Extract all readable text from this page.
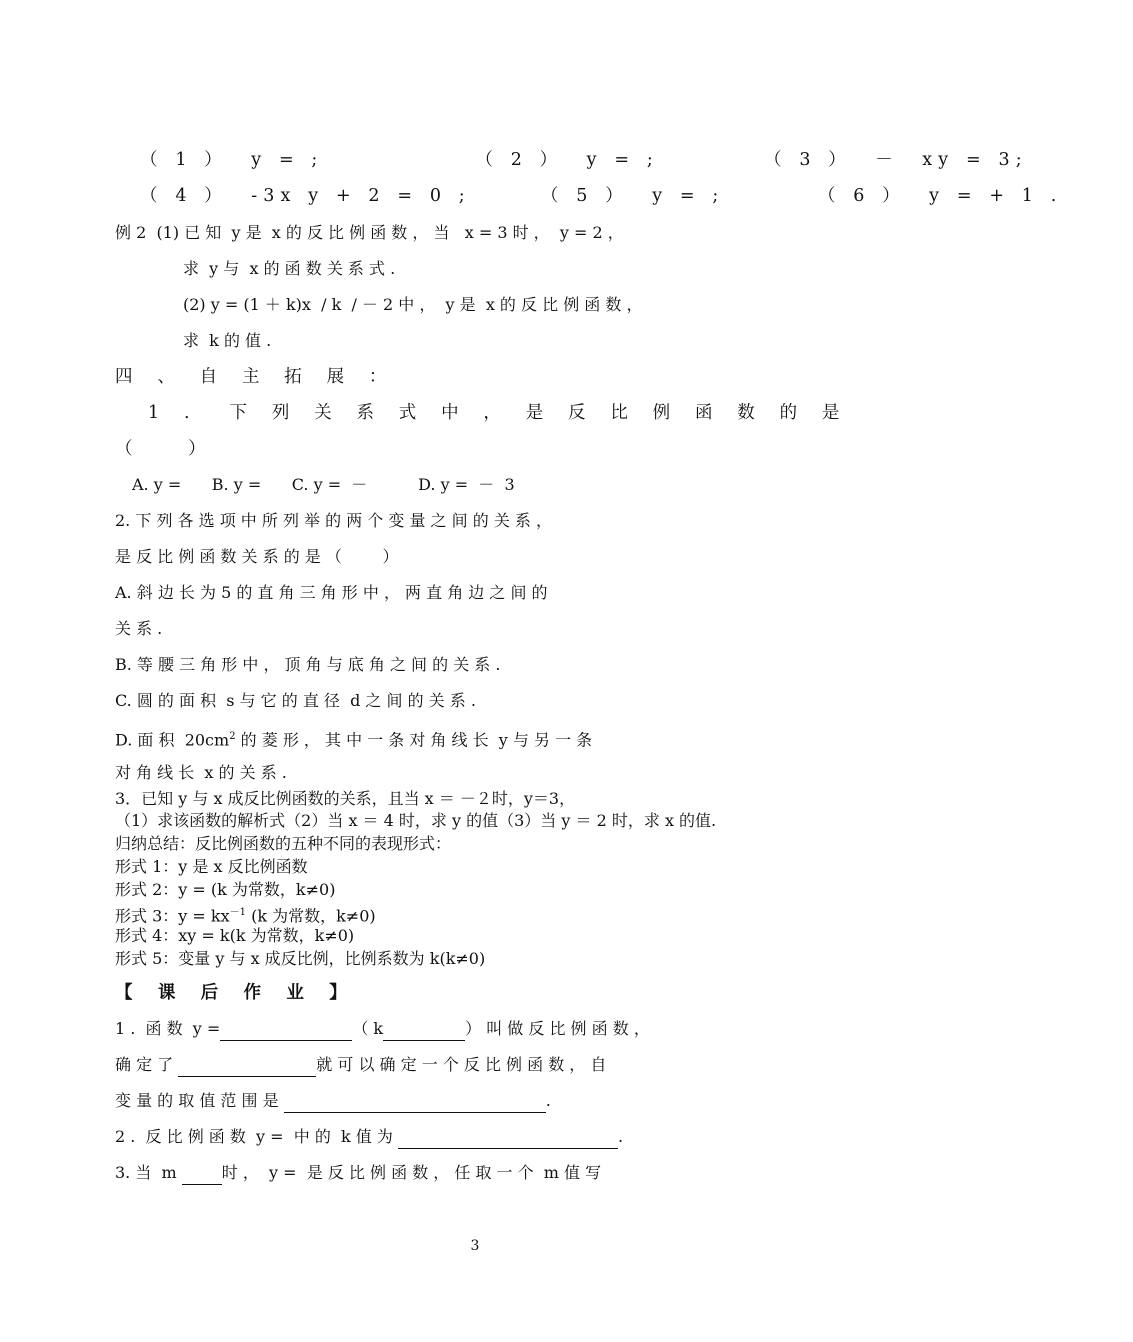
（ 1 ）  y = ;             （ 2 ）  y = ;         （ 3 ）  －  xy = 3;
（ 4 ）  -3x y + 2 = 0 ;      （ 5 ）  y = ;        （ 6 ）  y = + 1 .
例 2  (1) 已 知  y 是  x 的 反 比 例 函 数 ， 当   x = 3 时 ，  y = 2 ，
求  y 与  x 的 函 数 关 系 式 .
(2) y = (1 ＋ k)x  / k  / － 2 中 ，  y 是  x 的 反 比 例 函 数 ，
求  k 的 值 .
四 、 自 主 拓 展 ：
1 .  下 列 关 系 式 中 ， 是 反 比 例 函 数 的 是
（          ）
A. y =      B. y =      C. y =  －          D. y =  －  3
2. 下 列 各 选 项 中 所 列 举 的 两 个 变 量 之 间 的 关 系 ，
是 反 比 例 函 数 关 系 的 是 （        ）
A. 斜 边 长 为 5 的 直 角 三 角 形 中 ， 两 直 角 边 之 间 的
关 系 .
B. 等 腰 三 角 形 中 ， 顶 角 与 底 角 之 间 的 关 系 .
C. 圆 的 面 积  s 与 它 的 直 径  d 之 间 的 关 系 .
D. 面 积  $20cm^2$ 的 菱 形 ， 其 中 一 条 对 角 线 长  y 与 另 一 条
对 角 线 长  x 的 关 系 .
3．已知 y 与 x 成反比例函数的关系，且当 x ＝ －２时，y＝3，
（1）求该函数的解析式（2）当 x ＝ 4 时，求 y 的值（3）当 y ＝ 2 时，求 x 的值.
归纳总结：反比例函数的五种不同的表现形式：
形式 1：y 是 x 反比例函数
形式 2：y = (k 为常数，k≠0)
形式 3：$y = kx^{-1}$ (k 为常数，k≠0)
形式 4：xy = k(k 为常数，k≠0)
形式 5：变量 y 与 x 成反比例，比例系数为 k(k≠0)
【 课 后 作 业 】
1 .  函 数  y =	（ k	） 叫 做 反 比 例 函 数 ，
确 定 了	就 可 以 确 定 一 个 反 比 例 函 数 ， 自
变 量 的 取 值 范 围 是	.
2 .  反 比 例 函 数  y =  中 的  k 值 为	.
3. 当  m	时 ，  y =  是 反 比 例 函 数 ， 任 取 一 个  m 值 写
3
